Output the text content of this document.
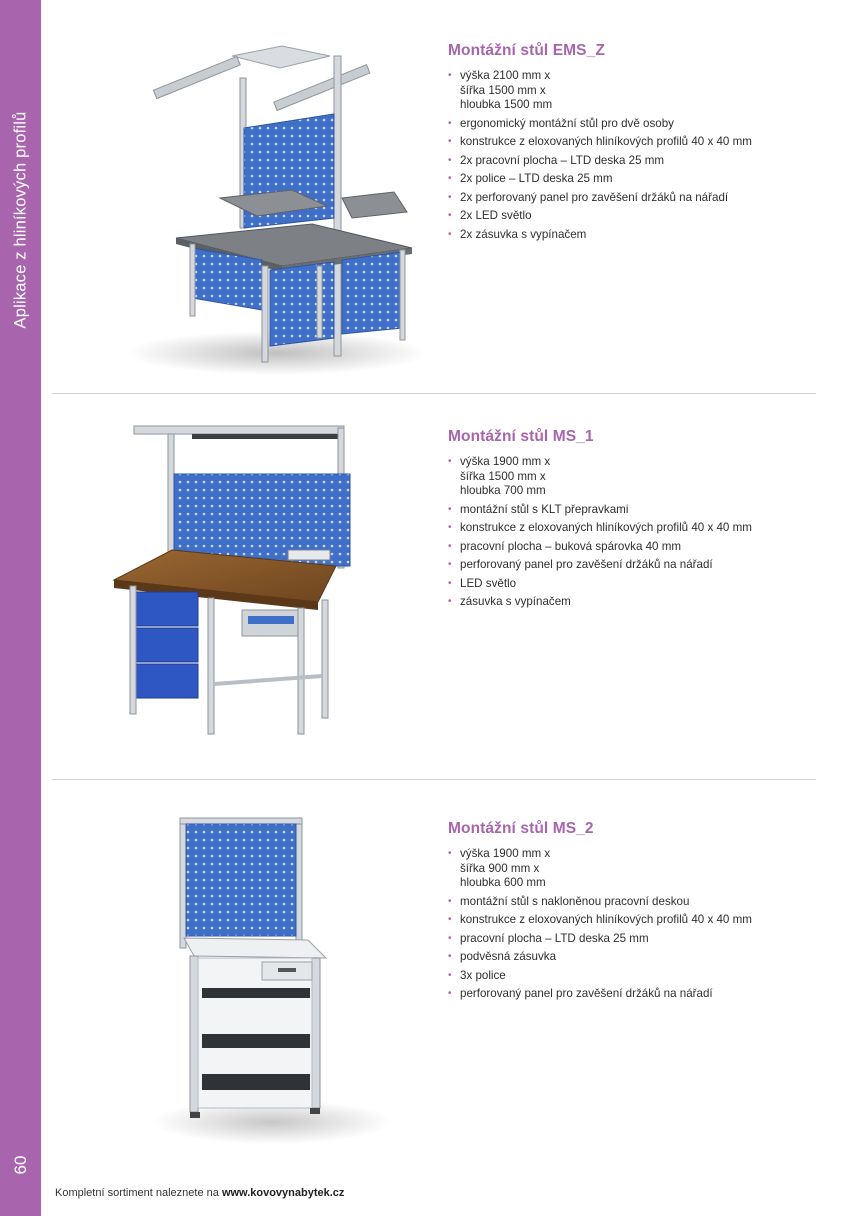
Aplikace z hliníkových profilů
60
Montážní stůl EMS_Z
• výška 2100 mm x
šířka 1500 mm x
hloubka 1500 mm
• ergonomický montážní stůl pro dvě osoby
• konstrukce z eloxovaných hliníkových profilů 40 x 40 mm
• 2x pracovní plocha – LTD deska 25 mm
• 2x police – LTD deska 25 mm
• 2x perforovaný panel pro zavěšení držáků na nářadí
• 2x LED světlo
• 2x zásuvka s vypínačem
Montážní stůl MS_1
• výška 1900 mm x
šířka 1500 mm x
hloubka 700 mm
• montážní stůl s KLT přepravkami
• konstrukce z eloxovaných hliníkových profilů 40 x 40 mm
• pracovní plocha – buková spárovka 40 mm
• perforovaný panel pro zavěšení držáků na nářadí
• LED světlo
• zásuvka s vypínačem
Montážní stůl MS_2
• výška 1900 mm x
šířka 900 mm x
hloubka 600 mm
• montážní stůl s nakloněnou pracovní deskou
• konstrukce z eloxovaných hliníkových profilů 40 x 40 mm
• pracovní plocha – LTD deska 25 mm
• podvěsná zásuvka
• 3x police
• perforovaný panel pro zavěšení držáků na nářadí
Kompletní sortiment naleznete na www.kovovynabytek.cz
